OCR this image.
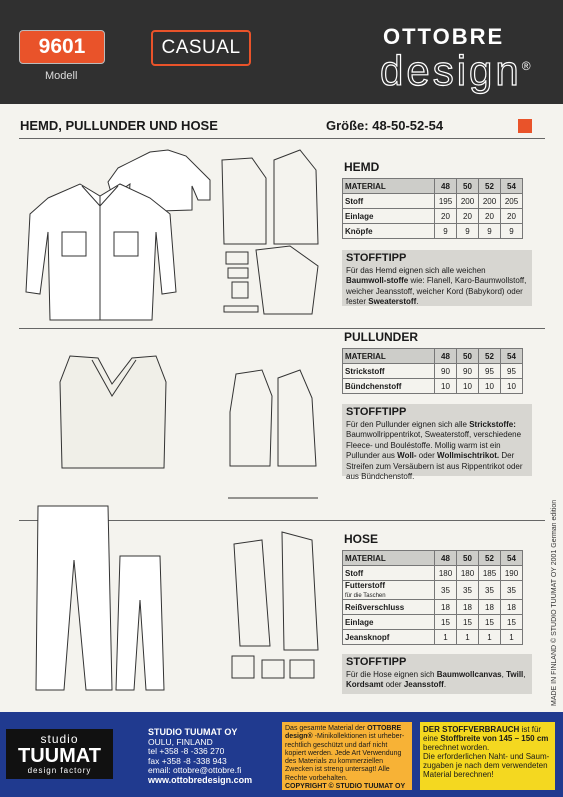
9601
Modell
CASUAL	OTTOBRE
design®
HEMD, PULLUNDER UND HOSE	Größe: 48-50-52-54
HEMD
MATERIAL	48	50	52	54
Stoff	195	200	200	205
Einlage	20	20	20	20
Knöpfe	9	9	9	9
STOFFTIPP

Für das Hemd eignen sich alle weichen Baumwoll-stoffe wie: Flanell, Karo-Baumwollstoff, weicher Jeansstoff, weicher Kord (Babykord) oder fester Sweaterstoff.

PULLUNDER
MATERIAL	48	50	52	54
Strickstoff	90	90	95	95
Bündchenstoff	10	10	10	10
STOFFTIPP

Für den Pullunder eignen sich alle Strickstoffe: Baumwollrippentrikot, Sweaterstoff, verschiedene Fleece- und Bouléstoffe. Mollig warm ist ein Pullunder aus Woll- oder Wollmischtrikot. Der Streifen zum Versäubern ist aus Rippentrikot oder aus Bündchenstoff.

HOSE
MATERIAL	48	50	52	54
Stoff	180	180	185	190
Futterstoff
für die Taschen	35	35	35	35
Reißverschluss	18	18	18	18
Einlage	15	15	15	15
Jeansknopf	1	1	1	1
STOFFTIPP

Für die Hose eignen sich Baumwollcanvas, Twill, Kordsamt oder Jeansstoff.	MADE IN FINLAND © STUDIO TUUMAT OY 2001 German edition
studio
TUUMAT
design factory
STUDIO TUUMAT OY
OULU, FINLAND
tel +358 -8 -336 270
fax +358 -8 -338 943
email: ottobre@ottobre.fi
www.ottobredesign.com
Das gesamte Material der OTTOBRE design® -Minikollektionen ist urheber-rechtlich geschützt und darf nicht kopiert werden. Jede Art Verwendung des Materials zu kommerziellen Zwecken ist streng untersagt! Alle Rechte vorbehalten.
COPYRIGHT © STUDIO TUUMAT OY
DER STOFFVERBRAUCH ist für eine Stoffbreite von 145 – 150 cm berechnet worden.
Die erforderlichen Naht- und Saum-zugaben je nach dem verwendeten Material berechnen!
